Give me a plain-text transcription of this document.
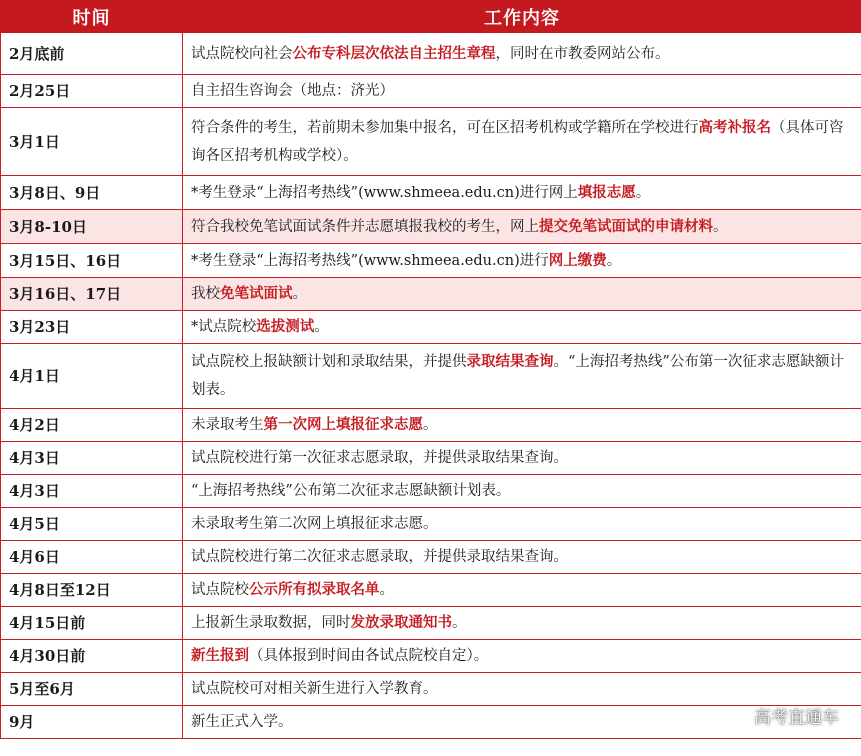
时间	工作内容
2月底前	试点院校向社会公布专科层次依法自主招生章程，同时在市教委网站公布。
2月25日	自主招生咨询会（地点：济光）
3月1日	符合条件的考生，若前期未参加集中报名，可在区招考机构或学籍所在学校进行高考补报名（具体可咨询各区招考机构或学校）。
3月8日、9日	*考生登录“上海招考热线”(www.shmeea.edu.cn)进行网上填报志愿。
3月8-10日	符合我校免笔试面试条件并志愿填报我校的考生，网上提交免笔试面试的申请材料。
3月15日、16日	*考生登录“上海招考热线”(www.shmeea.edu.cn)进行网上缴费。
3月16日、17日	我校免笔试面试。
3月23日	*试点院校选拔测试。
4月1日	试点院校上报缺额计划和录取结果，并提供录取结果查询。“上海招考热线”公布第一次征求志愿缺额计划表。
4月2日	未录取考生第一次网上填报征求志愿。
4月3日	试点院校进行第一次征求志愿录取，并提供录取结果查询。
4月3日	“上海招考热线”公布第二次征求志愿缺额计划表。
4月5日	未录取考生第二次网上填报征求志愿。
4月6日	试点院校进行第二次征求志愿录取，并提供录取结果查询。
4月8日至12日	试点院校公示所有拟录取名单。
4月15日前	上报新生录取数据，同时发放录取通知书。
4月30日前	新生报到（具体报到时间由各试点院校自定）。
5月至6月	试点院校可对相关新生进行入学教育。
9月	新生正式入学。	高考直通车
